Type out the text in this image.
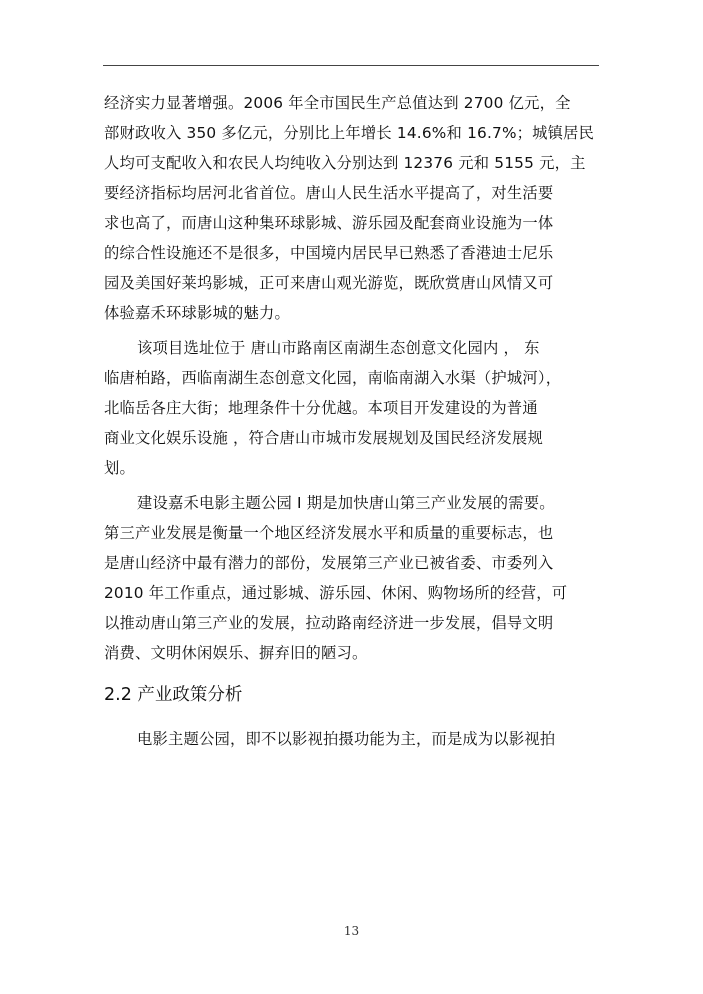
经济实力显著增强。2006 年全市国民生产总值达到 2700 亿元，全
部财政收入 350 多亿元，分别比上年增长 14.6%和 16.7%；城镇居民
人均可支配收入和农民人均纯收入分别达到 12376 元和 5155 元，主
要经济指标均居河北省首位。唐山人民生活水平提高了，对生活要
求也高了，而唐山这种集环球影城、游乐园及配套商业设施为一体
的综合性设施还不是很多，中国境内居民早已熟悉了香港迪士尼乐
园及美国好莱坞影城，正可来唐山观光游览，既欣赏唐山风情又可
体验嘉禾环球影城的魅力。
该项目选址位于 唐山市路南区南湖生态创意文化园内 ， 东
临唐柏路，西临南湖生态创意文化园，南临南湖入水渠（护城河），
北临岳各庄大街；地理条件十分优越。本项目开发建设的为普通
商业文化娱乐设施 ，符合唐山市城市发展规划及国民经济发展规
划。
建设嘉禾电影主题公园 I 期是加快唐山第三产业发展的需要。
第三产业发展是衡量一个地区经济发展水平和质量的重要标志，也
是唐山经济中最有潜力的部份，发展第三产业已被省委、市委列入
2010 年工作重点，通过影城、游乐园、休闲、购物场所的经营，可
以推动唐山第三产业的发展，拉动路南经济进一步发展，倡导文明
消费、文明休闲娱乐、摒弃旧的陋习。
2.2 产业政策分析
电影主题公园，即不以影视拍摄功能为主，而是成为以影视拍
13
